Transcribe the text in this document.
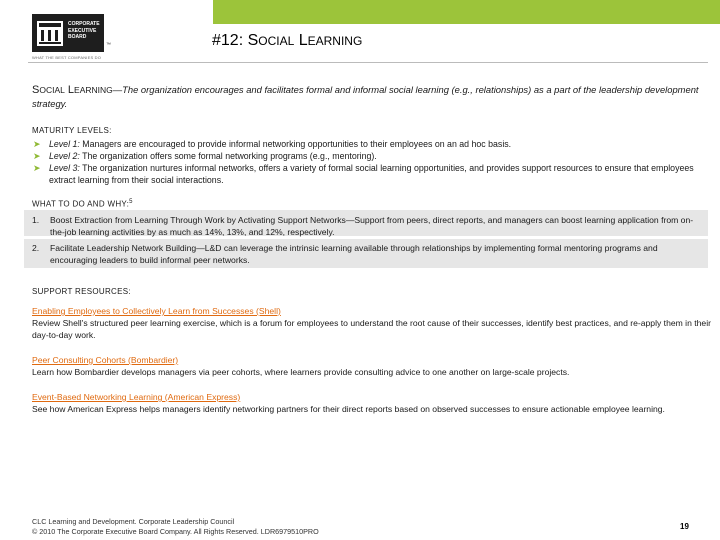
CORPORATE
EXECUTIVE
BOARD
™
WHAT THE BEST COMPANIES DO
#12: SOCIAL LEARNING
SOCIAL LEARNING—The organization encourages and facilitates formal and informal social learning (e.g., relationships) as a part of the leadership development strategy.
MATURITY LEVELS:
➤ Level 1: Managers are encouraged to provide informal networking opportunities to their employees on an ad hoc basis.
➤ Level 2: The organization offers some formal networking programs (e.g., mentoring).
➤ Level 3: The organization nurtures informal networks, offers a variety of formal social learning opportunities, and provides support resources to ensure that employees extract learning from their social interactions.
WHAT TO DO AND WHY:$^5$
1.	Boost Extraction from Learning Through Work by Activating Support Networks—Support from peers, direct reports, and managers can boost learning application from on-the-job learning activities by as much as 14%, 13%, and 12%, respectively.
2.	Facilitate Leadership Network Building—L&D can leverage the intrinsic learning available through relationships by implementing formal mentoring programs and encouraging leaders to build informal peer networks.
SUPPORT RESOURCES:
Enabling Employees to Collectively Learn from Successes (Shell)
Review Shell's structured peer learning exercise, which is a forum for employees to understand the root cause of their successes, identify best practices, and re-apply them in their day-to-day work.
Peer Consulting Cohorts (Bombardier)
Learn how Bombardier develops managers via peer cohorts, where learners provide consulting advice to one another on large-scale projects.
Event-Based Networking Learning (American Express)
See how American Express helps managers identify networking partners for their direct reports based on observed successes to ensure actionable employee learning.
CLC Learning and Development. Corporate Leadership Council
© 2010 The Corporate Executive Board Company. All Rights Reserved. LDR6979510PRO
19
